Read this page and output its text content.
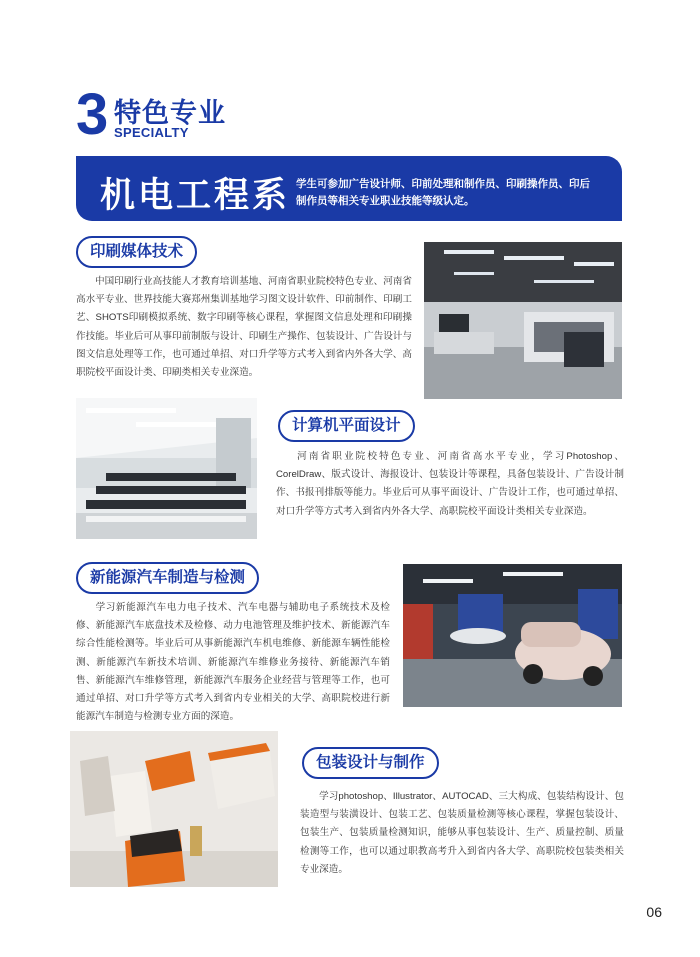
3 特色专业
SPECIALTY
机电工程系 学生可参加广告设计师、印前处理和制作员、印刷操作员、印后制作员等相关专业职业技能等级认定。
印刷媒体技术
中国印刷行业高技能人才教育培训基地、河南省职业院校特色专业、河南省高水平专业、世界技能大赛郑州集训基地学习图文设计软件、印前制作、印刷工艺、SHOTS印刷模拟系统、数字印刷等核心课程，掌握图文信息处理和印刷操作技能。毕业后可从事印前制版与设计、印刷生产操作、包装设计、广告设计与图文信息处理等工作，也可通过单招、对口升学等方式考入到省内外各大学、高职院校平面设计类、印刷类相关专业深造。
计算机平面设计
河南省职业院校特色专业、河南省高水平专业，学习Photoshop、CorelDraw、版式设计、海报设计、包装设计等课程，具备包装设计、广告设计制作、书报刊排版等能力。毕业后可从事平面设计、广告设计工作，也可通过单招、对口升学等方式考入到省内外各大学、高职院校平面设计类相关专业深造。
新能源汽车制造与检测
学习新能源汽车电力电子技术、汽车电器与辅助电子系统技术及检修、新能源汽车底盘技术及检修、动力电池管理及维护技术、新能源汽车综合性能检测等。毕业后可从事新能源汽车机电维修、新能源车辆性能检测、新能源汽车新技术培训、新能源汽车维修业务接待、新能源汽车销售、新能源汽车维修管理，新能源汽车服务企业经营与管理等工作，也可通过单招、对口升学等方式考入到省内专业相关的大学、高职院校进行新能源汽车制造与检测专业方面的深造。
包装设计与制作
学习photoshop、Illustrator、AUTOCAD、三大构成、包装结构设计、包装造型与装潢设计、包装工艺、包装质量检测等核心课程，掌握包装设计、包装生产、包装质量检测知识，能够从事包装设计、生产、质量控制、质量检测等工作，也可以通过职教高考升入到省内各大学、高职院校包装类相关专业深造。
06
